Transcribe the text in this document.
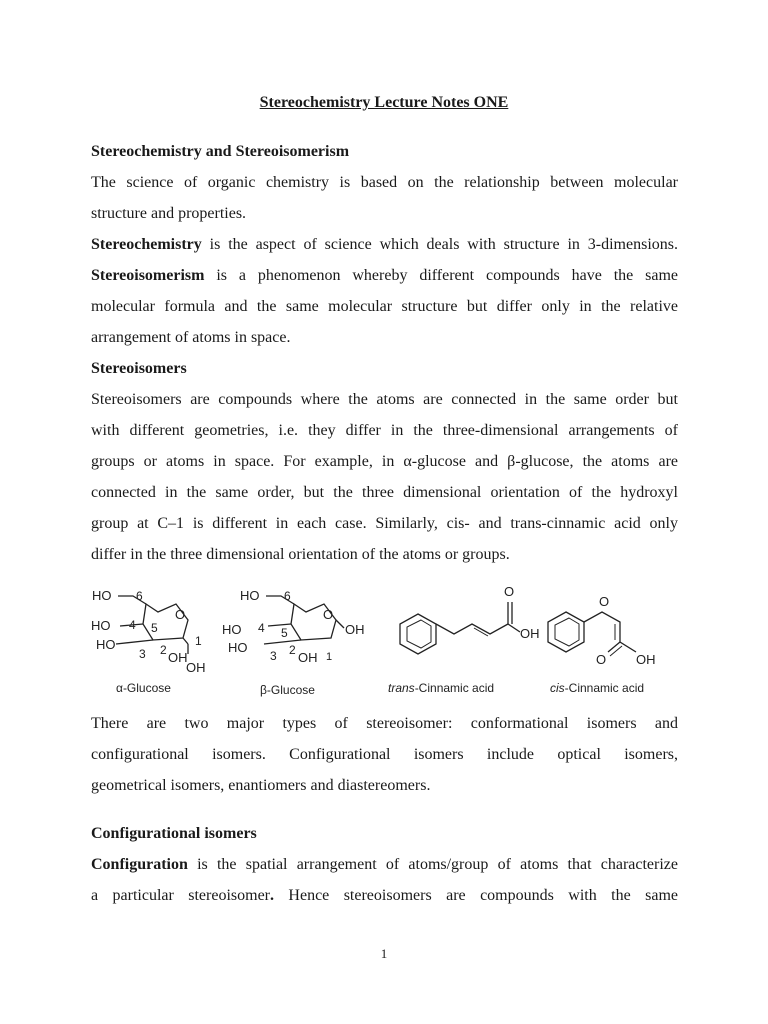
Stereochemistry Lecture Notes ONE
Stereochemistry and Stereoisomerism
The science of organic chemistry is based on the relationship between molecular
structure and properties.
Stereochemistry is the aspect of science which deals with structure in 3-dimensions.
Stereoisomerism is a phenomenon whereby different compounds have the same
molecular formula and the same molecular structure but differ only in the relative
arrangement of atoms in space.
Stereoisomers
Stereoisomers are compounds where the atoms are connected in the same order but
with different geometries, i.e. they differ in the three-dimensional arrangements of
groups or atoms in space. For example, in α-glucose and β-glucose, the atoms are
connected in the same order, but the three dimensional orientation of the hydroxyl
group at C–1 is different in each case. Similarly, cis- and trans-cinnamic acid only
differ in the three dimensional orientation of the atoms or groups.
HO 6
O
HO 4 5
1
HO
3 2 OH
OH
α-Glucose
HO 6
O
OH
HO 4 5
HO
3 2 OH 1
β-Glucose
O
OH
trans-Cinnamic acid
O
O OH
cis-Cinnamic acid
There are two major types of stereoisomer: conformational isomers and
configurational isomers. Configurational isomers include optical isomers,
geometrical isomers, enantiomers and diastereomers.
Configurational isomers
Configuration is the spatial arrangement of atoms/group of atoms that characterize
a particular stereoisomer. Hence stereoisomers are compounds with the same
1
